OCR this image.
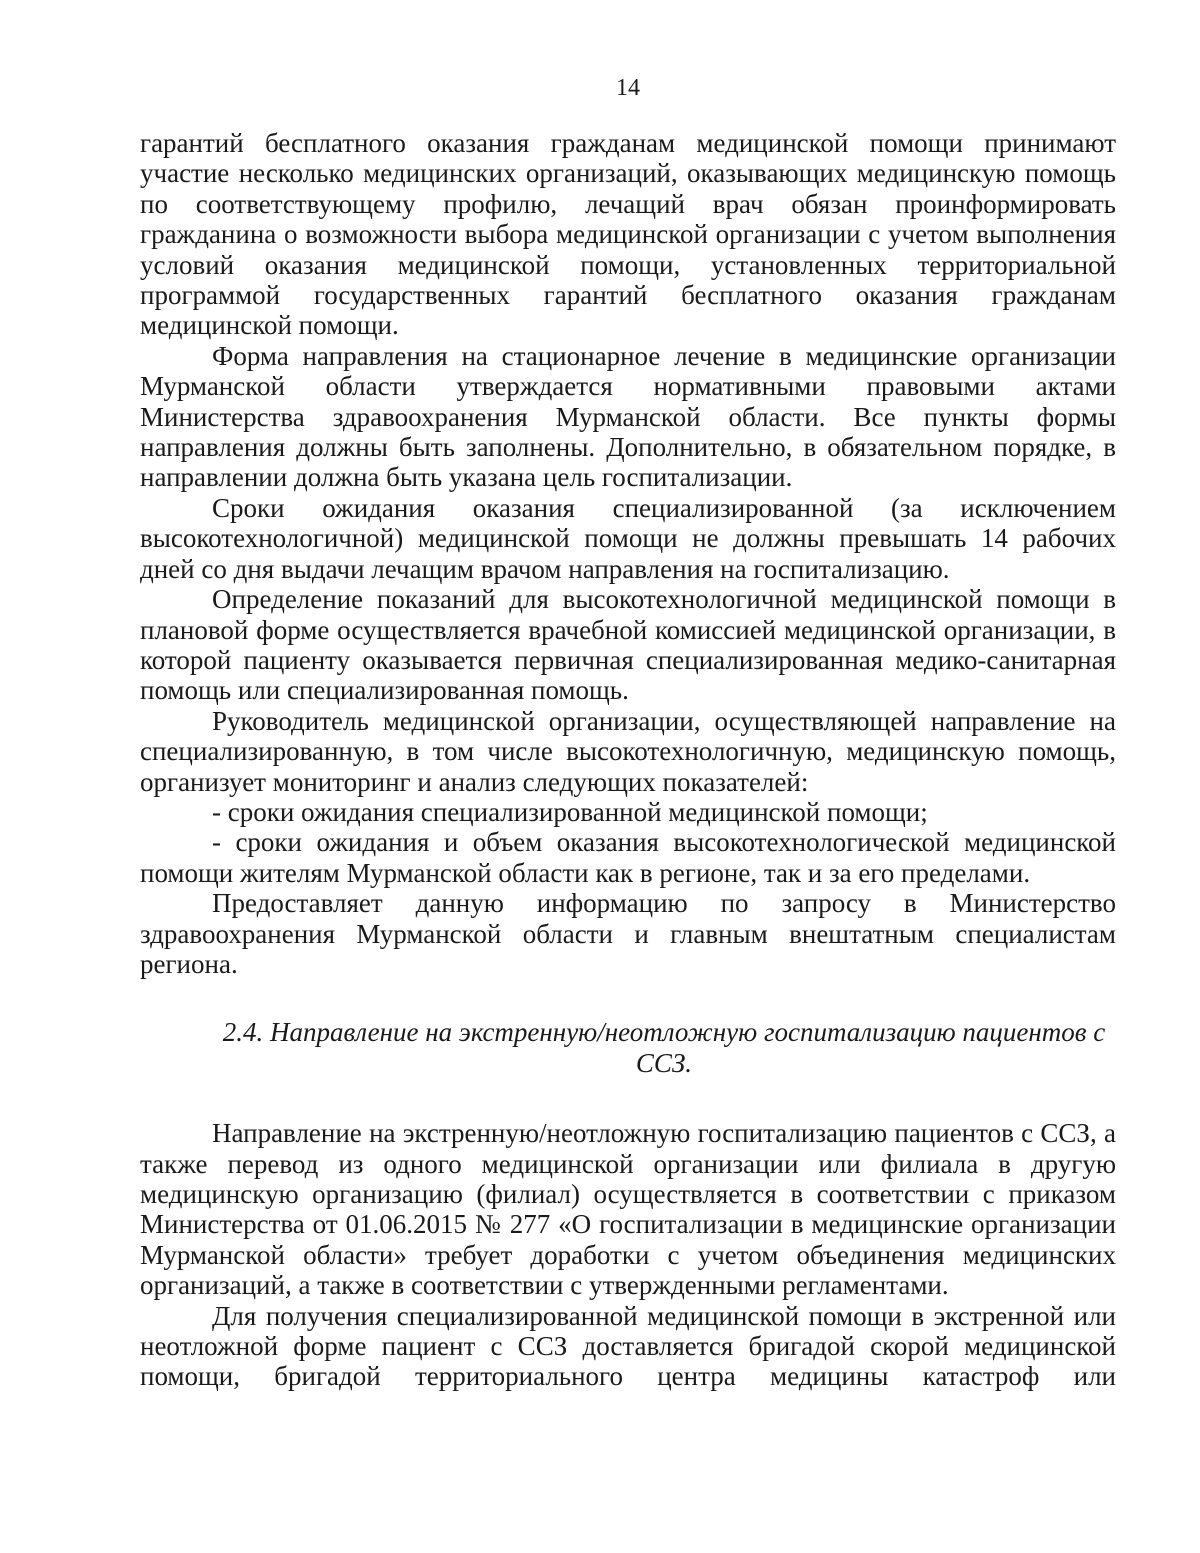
14

гарантий бесплатного оказания гражданам медицинской помощи принимают участие несколько медицинских организаций, оказывающих медицинскую помощь по соответствующему профилю, лечащий врач обязан проинформировать гражданина о возможности выбора медицинской организации с учетом выполнения условий оказания медицинской помощи, установленных территориальной программой государственных гарантий бесплатного оказания гражданам медицинской помощи.

Форма направления на стационарное лечение в медицинские организации Мурманской области утверждается нормативными правовыми актами Министерства здравоохранения Мурманской области. Все пункты формы направления должны быть заполнены. Дополнительно, в обязательном порядке, в направлении должна быть указана цель госпитализации.

Сроки ожидания оказания специализированной (за исключением высокотехнологичной) медицинской помощи не должны превышать 14 рабочих дней со дня выдачи лечащим врачом направления на госпитализацию.

Определение показаний для высокотехнологичной медицинской помощи в плановой форме осуществляется врачебной комиссией медицинской организации, в которой пациенту оказывается первичная специализированная медико-санитарная помощь или специализированная помощь.

Руководитель медицинской организации, осуществляющей направление на специализированную, в том числе высокотехнологичную, медицинскую помощь, организует мониторинг и анализ следующих показателей:

- сроки ожидания специализированной медицинской помощи;

- сроки ожидания и объем оказания высокотехнологической медицинской помощи жителям Мурманской области как в регионе, так и за его пределами.

Предоставляет данную информацию по запросу в Министерство здравоохранения Мурманской области и главным внештатным специалистам региона.

2.4. Направление на экстренную/неотложную госпитализацию пациентов с
ССЗ.

Направление на экстренную/неотложную госпитализацию пациентов с ССЗ, а также перевод из одного медицинской организации или филиала в другую медицинскую организацию (филиал) осуществляется в соответствии с приказом Министерства от 01.06.2015 № 277 «О госпитализации в медицинские организации Мурманской области» требует доработки с учетом объединения медицинских организаций, а также в соответствии с утвержденными регламентами.

Для получения специализированной медицинской помощи в экстренной или неотложной форме пациент с ССЗ доставляется бригадой скорой медицинской помощи, бригадой территориального центра медицины катастроф или
